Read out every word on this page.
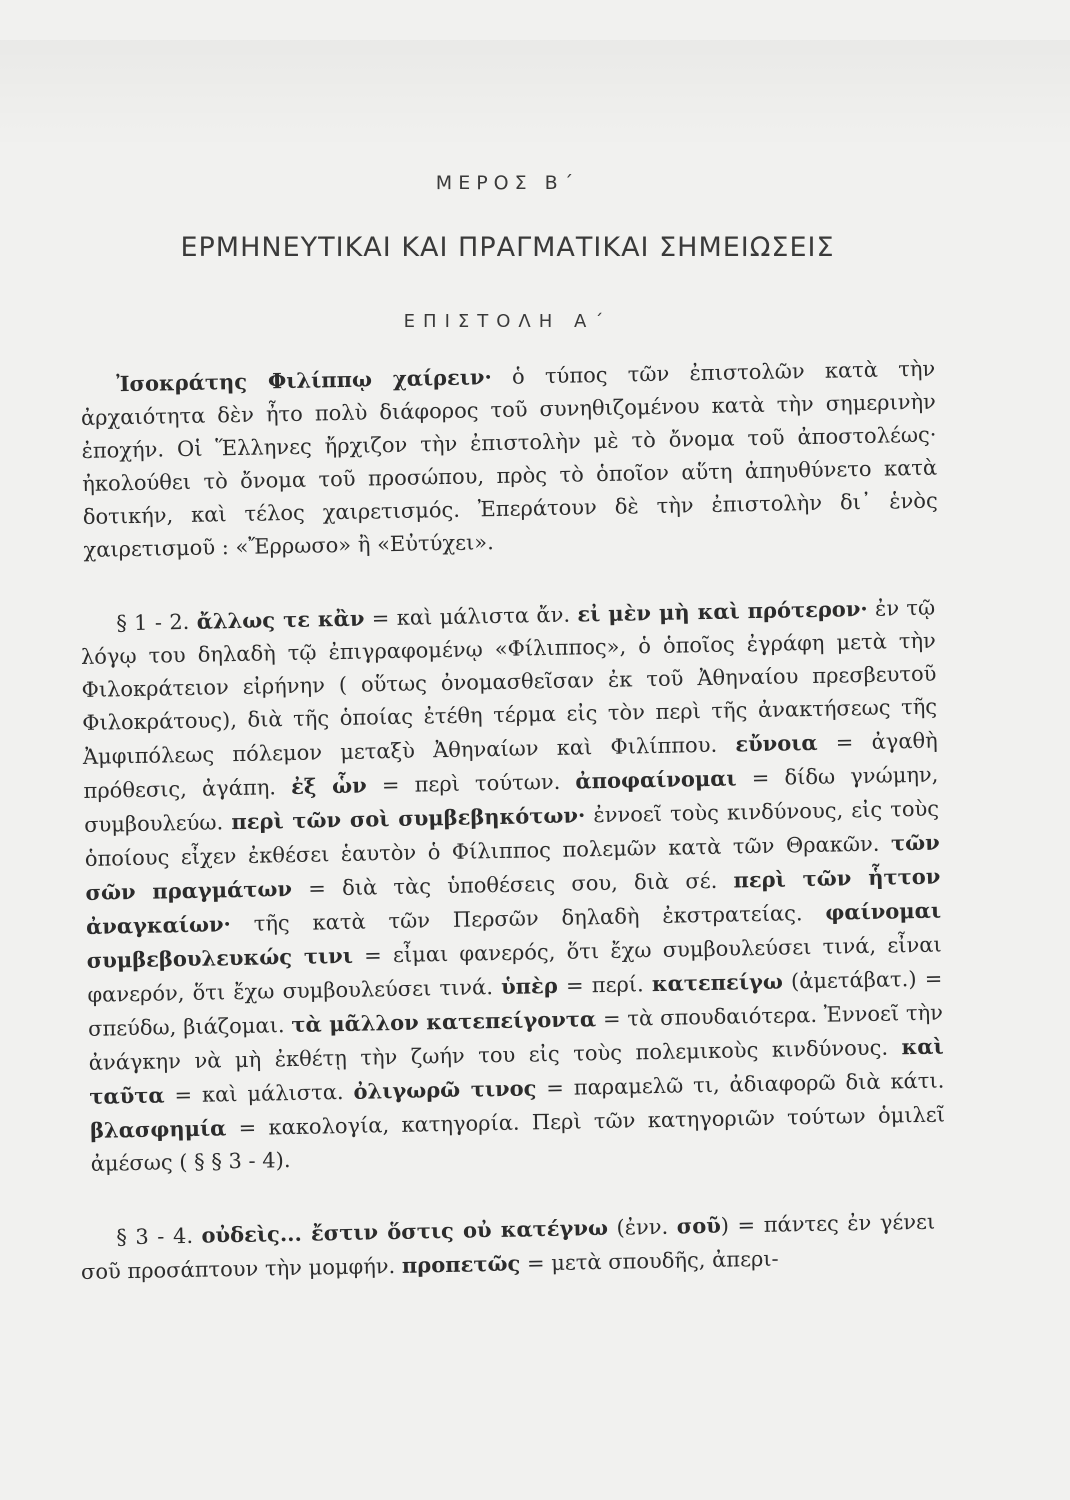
ΜΕΡΟΣ Β΄
ΕΡΜΗΝΕΥΤΙΚΑΙ ΚΑΙ ΠΡΑΓΜΑΤΙΚΑΙ ΣΗΜΕΙΩΣΕΙΣ
ΕΠΙΣΤΟΛΗ Α΄

Ἰσοκράτης Φιλίππῳ χαίρειν· ὁ τύπος τῶν ἐπιστολῶν κατὰ τὴν ἀρχαιότητα δὲν ἦτο πολὺ διάφορος τοῦ συνηθιζομένου κατὰ τὴν σημερινὴν ἐποχήν. Οἱ Ἕλληνες ἤρχιζον τὴν ἐπιστολὴν μὲ τὸ ὄνομα τοῦ ἀποστολέως· ἠκολούθει τὸ ὄνομα τοῦ προσώπου, πρὸς τὸ ὁποῖον αὕτη ἀπηυθύνετο κατὰ δοτικήν, καὶ τέλος χαιρετισμός. Ἐπεράτουν δὲ τὴν ἐπιστολὴν δι᾿ ἑνὸς χαιρετισμοῦ : «Ἔρρωσο» ἢ «Εὐτύχει».

§ 1 - 2. ἄλλως τε κἂν = καὶ μάλιστα ἄν. εἰ μὲν μὴ καὶ πρότερον· ἐν τῷ λόγῳ του δηλαδὴ τῷ ἐπιγραφομένῳ «Φίλιππος», ὁ ὁποῖος ἐγράφη μετὰ τὴν Φιλοκράτειον εἰρήνην ( οὕτως ὀνομασθεῖσαν ἐκ τοῦ Ἀθηναίου πρεσβευτοῦ Φιλοκράτους), διὰ τῆς ὁποίας ἐτέθη τέρμα εἰς τὸν περὶ τῆς ἀνακτήσεως τῆς Ἀμφιπόλεως πόλεμον μεταξὺ Ἀθηναίων καὶ Φιλίππου. εὔνοια = ἀγαθὴ πρόθεσις, ἀγάπη. ἐξ ὧν = περὶ τούτων. ἀποφαίνομαι = δίδω γνώμην, συμβουλεύω. περὶ τῶν σοὶ συμβεβηκότων· ἐννοεῖ τοὺς κινδύνους, εἰς τοὺς ὁποίους εἶχεν ἐκθέσει ἑαυτὸν ὁ Φίλιππος πολεμῶν κατὰ τῶν Θρακῶν. τῶν σῶν πραγμάτων = διὰ τὰς ὑποθέσεις σου, διὰ σέ. περὶ τῶν ἧττον ἀναγκαίων· τῆς κατὰ τῶν Περσῶν δηλαδὴ ἐκστρατείας. φαίνομαι συμβεβουλευκώς τινι = εἶμαι φανερός, ὅτι ἔχω συμβουλεύσει τινά, εἶναι φανερόν, ὅτι ἔχω συμβουλεύσει τινά. ὑπὲρ = περί. κατεπείγω (ἀμετάβατ.) = σπεύδω, βιάζομαι. τὰ μᾶλλον κατεπείγοντα = τὰ σπουδαιότερα. Ἐννοεῖ τὴν ἀνάγκην νὰ μὴ ἐκθέτῃ τὴν ζωήν του εἰς τοὺς πολεμικοὺς κινδύνους. καὶ ταῦτα = καὶ μάλιστα. ὀλιγωρῶ τινος = παραμελῶ τι, ἀδιαφορῶ διὰ κάτι. βλασφημία = κακολογία, κατηγορία. Περὶ τῶν κατηγοριῶν τούτων ὁμιλεῖ ἀμέσως ( § § 3 - 4).

§ 3 - 4. οὐδεὶς... ἔστιν ὅστις οὐ κατέγνω (ἐνν. σοῦ) = πάντες ἐν γένει σοῦ προσάπτουν τὴν μομφήν. προπετῶς = μετὰ σπουδῆς, ἀπερι-
